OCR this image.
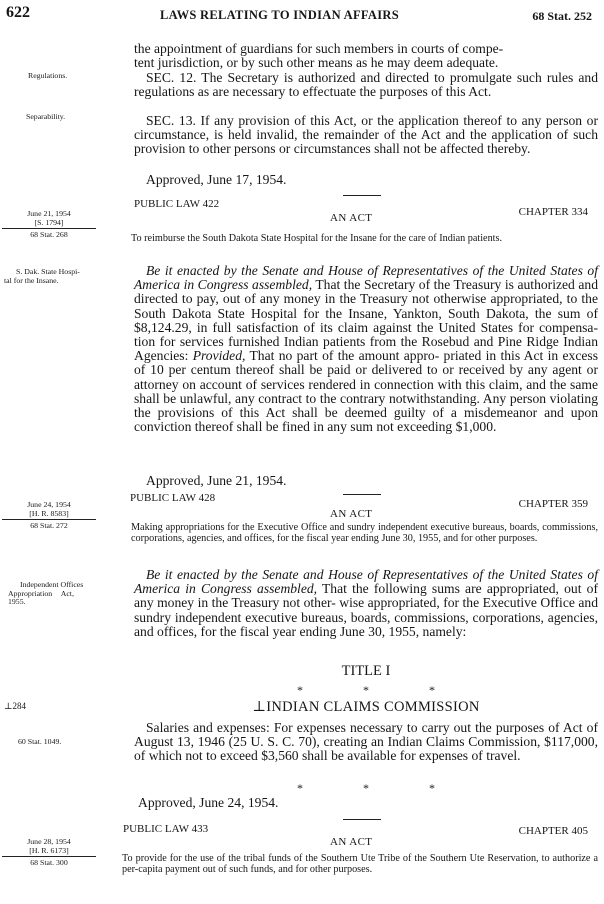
622	LAWS RELATING TO INDIAN AFFAIRS	68 Stat. 252
the appointment of guardians for such members in courts of compe-
tent jurisdiction, or by such other means as he may deem adequate.
SEC. 12. The Secretary is authorized and directed to promulgate such rules and regulations as are necessary to effectuate the purposes of this Act.
SEC. 13. If any provision of this Act, or the application thereof to any person or circumstance, is held invalid, the remainder of the Act and the application of such provision to other persons or circumstances shall not be affected thereby.
Approved, June 17, 1954.
Regulations.
Separability.
PUBLIC LAW 422
AN ACT	CHAPTER 334
June 21, 1954
[S. 1794]
68 Stat. 268	To reimburse the South Dakota State Hospital for the Insane for the care of Indian patients.
S. Dak. State Hospi-
tal for the Insane.
Be it enacted by the Senate and House of Representatives of the United States of America in Congress assembled, That the Secretary of the Treasury is authorized and directed to pay, out of any money in the Treasury not otherwise appropriated, to the South Dakota State Hospital for the Insane, Yankton, South Dakota, the sum of $8,124.29, in full satisfaction of its claim against the United States for compensa- tion for services furnished Indian patients from the Rosebud and Pine Ridge Indian Agencies: Provided, That no part of the amount appro- priated in this Act in excess of 10 per centum thereof shall be paid or delivered to or received by any agent or attorney on account of services rendered in connection with this claim, and the same shall be unlawful, any contract to the contrary notwithstanding. Any person violating the provisions of this Act shall be deemed guilty of a misdemeanor and upon conviction thereof shall be fined in any sum not exceeding $1,000.
Approved, June 21, 1954.
PUBLIC LAW 428
AN ACT
CHAPTER 359
June 24, 1954
[H. R. 8583]
68 Stat. 272	Making appropriations for the Executive Office and sundry independent executive bureaus, boards, commissions, corporations, agencies, and offices, for the fiscal year ending June 30, 1955, and for other purposes.
Independent Offices
Appropriation Act,
1955.
Be it enacted by the Senate and House of Representatives of the United States of America in Congress assembled, That the following sums are appropriated, out of any money in the Treasury not other- wise appropriated, for the Executive Office and sundry independent executive bureaus, boards, commissions, corporations, agencies, and offices, for the fiscal year ending June 30, 1955, namely:
TITLE I
*                    *                    *
⊥284	⊥INDIAN CLAIMS COMMISSION
60 Stat. 1049.
Salaries and expenses: For expenses necessary to carry out the purposes of Act of August 13, 1946 (25 U. S. C. 70), creating an Indian Claims Commission, $117,000, of which not to exceed $3,560 shall be available for expenses of travel.
*                    *                    *
Approved, June 24, 1954.
PUBLIC LAW 433
AN ACT
CHAPTER 405
June 28, 1954
[H. R. 6173]
68 Stat. 300	To provide for the use of the tribal funds of the Southern Ute Tribe of the Southern Ute Reservation, to authorize a per-capita payment out of such funds, and for other purposes.
